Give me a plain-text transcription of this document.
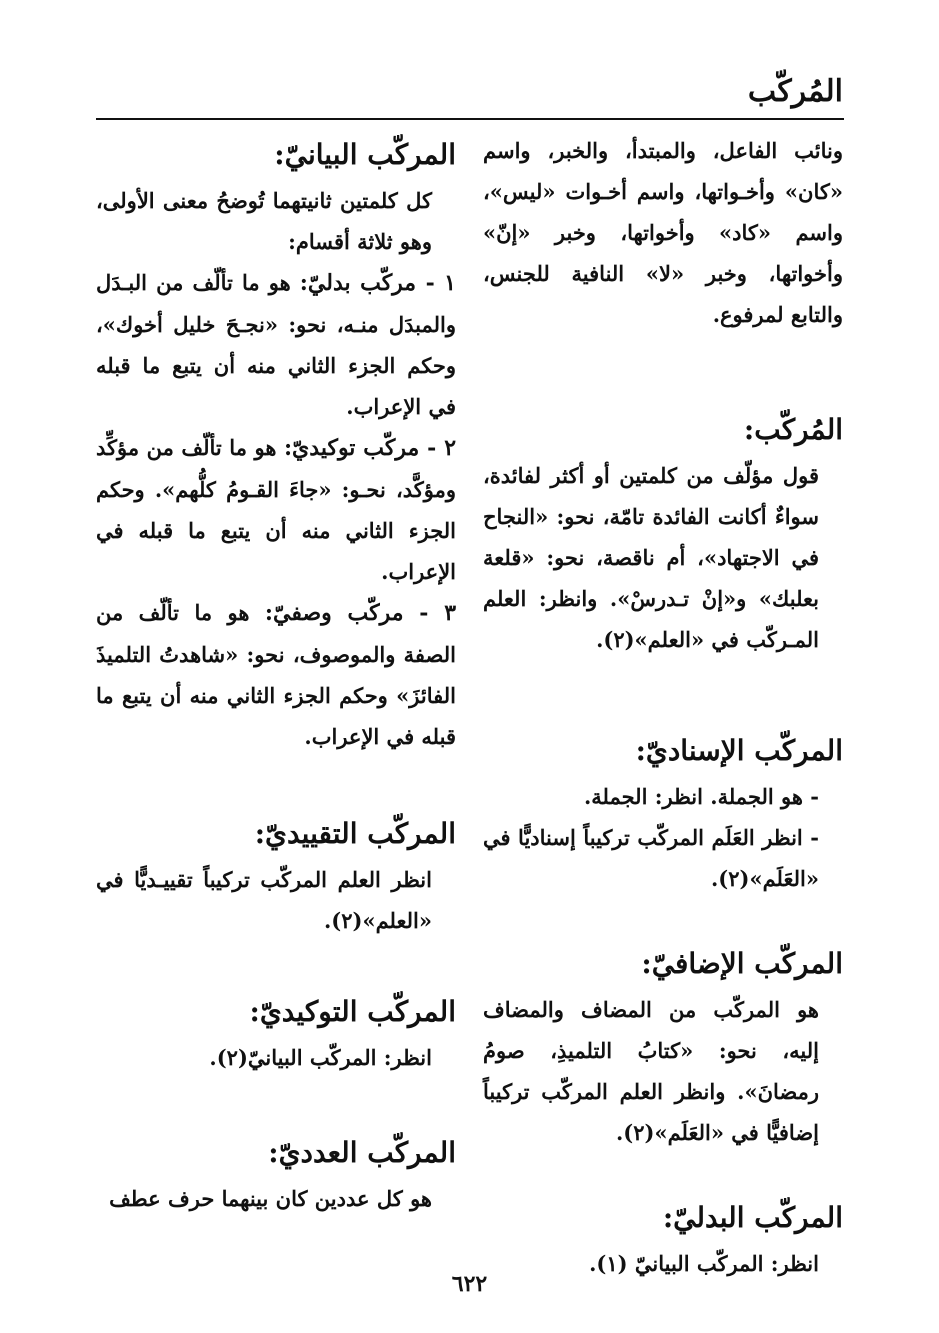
المُركّب

ونائب الفاعل، والمبتدأ، والخبر، واسم «كان» وأخـواتها، واسم أخـوات «ليس»، واسم «كاد» وأخواتها، وخبر «إنّ» وأخواتها، وخبر «لا» النافية للجنس، والتابع لمرفوع.

المُركّب:

قول مؤلّف من كلمتين أو أكثر لفائدة، سواءٌ أكانت الفائدة تامّة، نحو: «النجاح في الاجتهاد»، أم ناقصة، نحو: «قلعة بعلبك» و«إنْ تـدرسْ». وانظر: العلم المـركّب في «العلم»(٢).

المركّب الإسناديّ:

- هو الجملة. انظر: الجملة.

- انظر العَلَم المركّب تركيباً إسناديًّا في «العَلَم»(٢).

المركّب الإضافيّ:

هو المركّب من المضاف والمضاف إليه، نحو: «كتابُ التلميذِ، صومُ رمضانَ». وانظر العلم المركّب تركيباً إضافيًّا في «العَلَم»(٢).

المركّب البدليّ:

انظر: المركّب البيانيّ (١).

المركّب البيانيّ:

كل كلمتين ثانيتهما تُوضحُ معنى الأولى، وهو ثلاثة أقسام:

١ - مركّب بدليّ: هو ما تألّف من البـدَل والمبدَل منـه، نحو: «نجـحَ خليل أخوك»، وحكم الجزء الثاني منه أن يتبع ما قبله في الإعراب.

٢ - مركّب توكيديّ: هو ما تألّف من مؤكِّد ومؤكَّد، نحـو: «جاءَ القـومُ كلُّهم». وحكم الجزء الثاني منه أن يتبع ما قبله في الإعراب.

٣ - مركّب وصفيّ: هو ما تألّف من الصفة والموصوف، نحو: «شاهدتُ التلميذَ الفائزَ» وحكم الجزء الثاني منه أن يتبع ما قبله في الإعراب.

المركّب التقييديّ:

انظر العلم المركّب تركيباً تقييـديًّا في «العلم»(٢).

المركّب التوكيديّ:

انظر: المركّب البيانيّ(٢).

المركّب العدديّ:

هو كل عددين كان بينهما حرف عطف

٦٢٢
